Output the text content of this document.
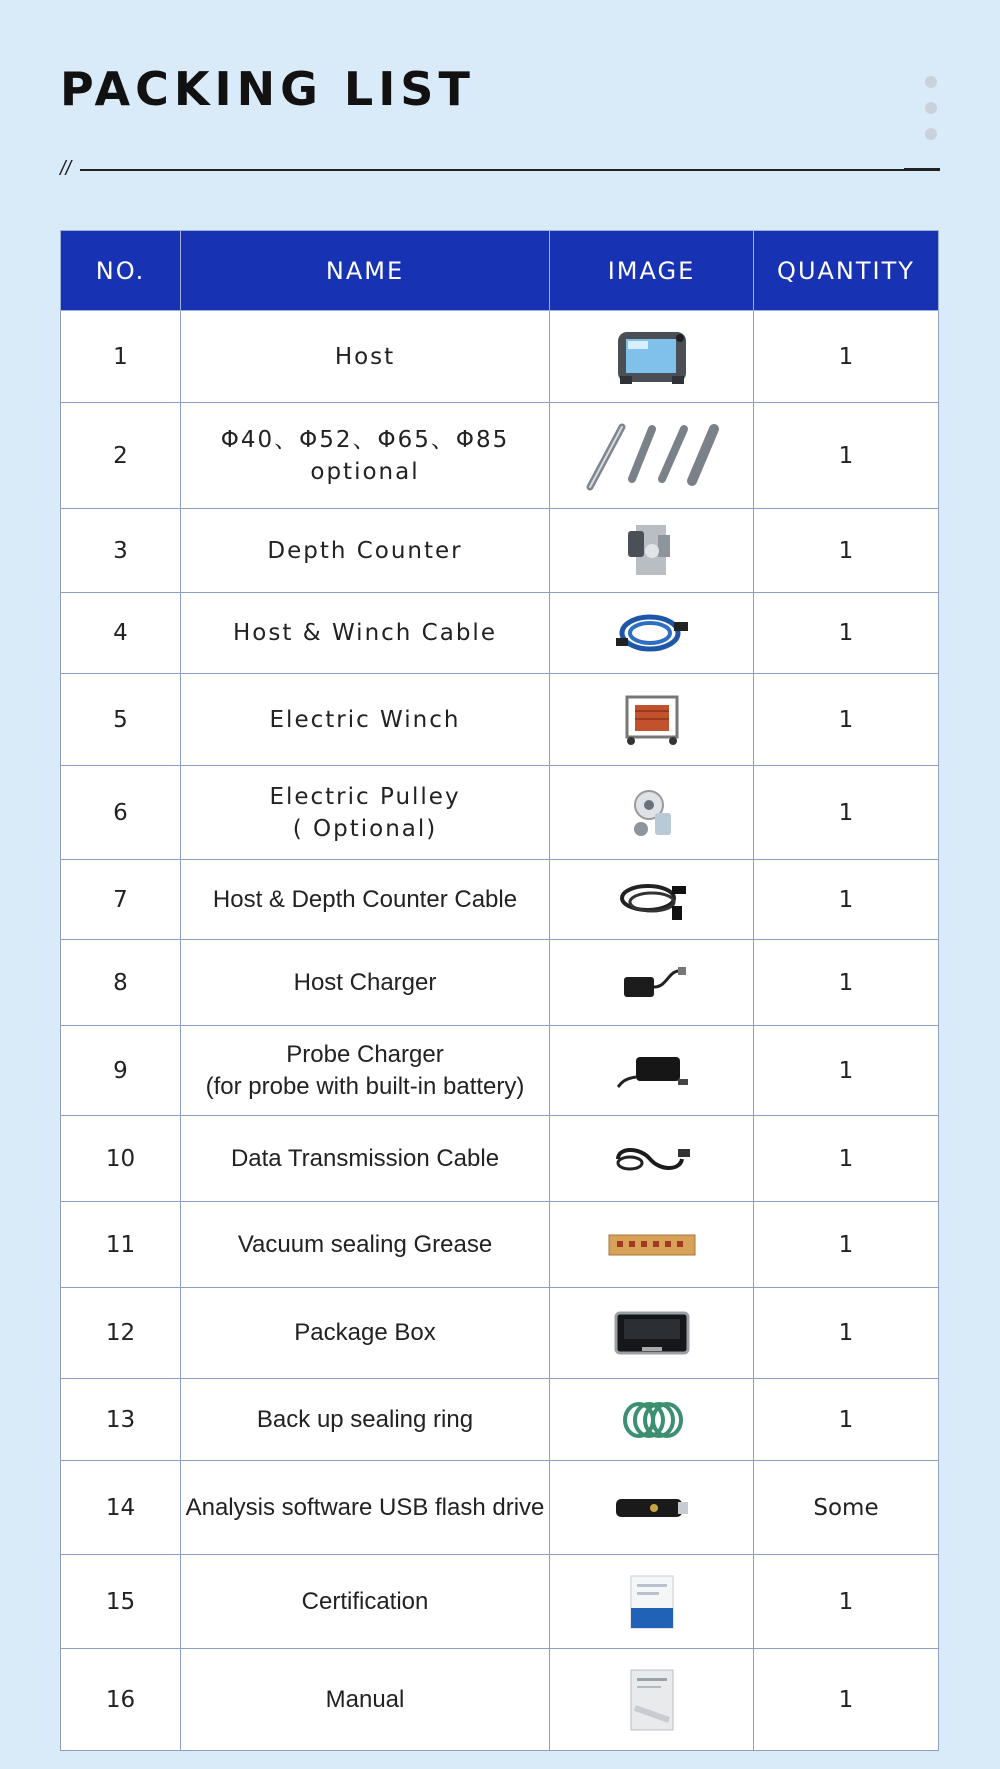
PACKING LIST
//
NO.	NAME	IMAGE	QUANTITY
1	Host		1
2	Φ40、Φ52、Φ65、Φ85
optional		1
3	Depth Counter		1
4	Host & Winch Cable		1
5	Electric Winch		1
6	Electric Pulley
( Optional)		1
7	Host & Depth Counter Cable		1
8	Host Charger		1
9	Probe Charger
(for probe with built-in battery)		1
10	Data Transmission Cable		1
11	Vacuum sealing Grease		1
12	Package Box		1
13	Back up sealing ring		1
14	Analysis software USB flash drive		Some
15	Certification		1
16	Manual		1
